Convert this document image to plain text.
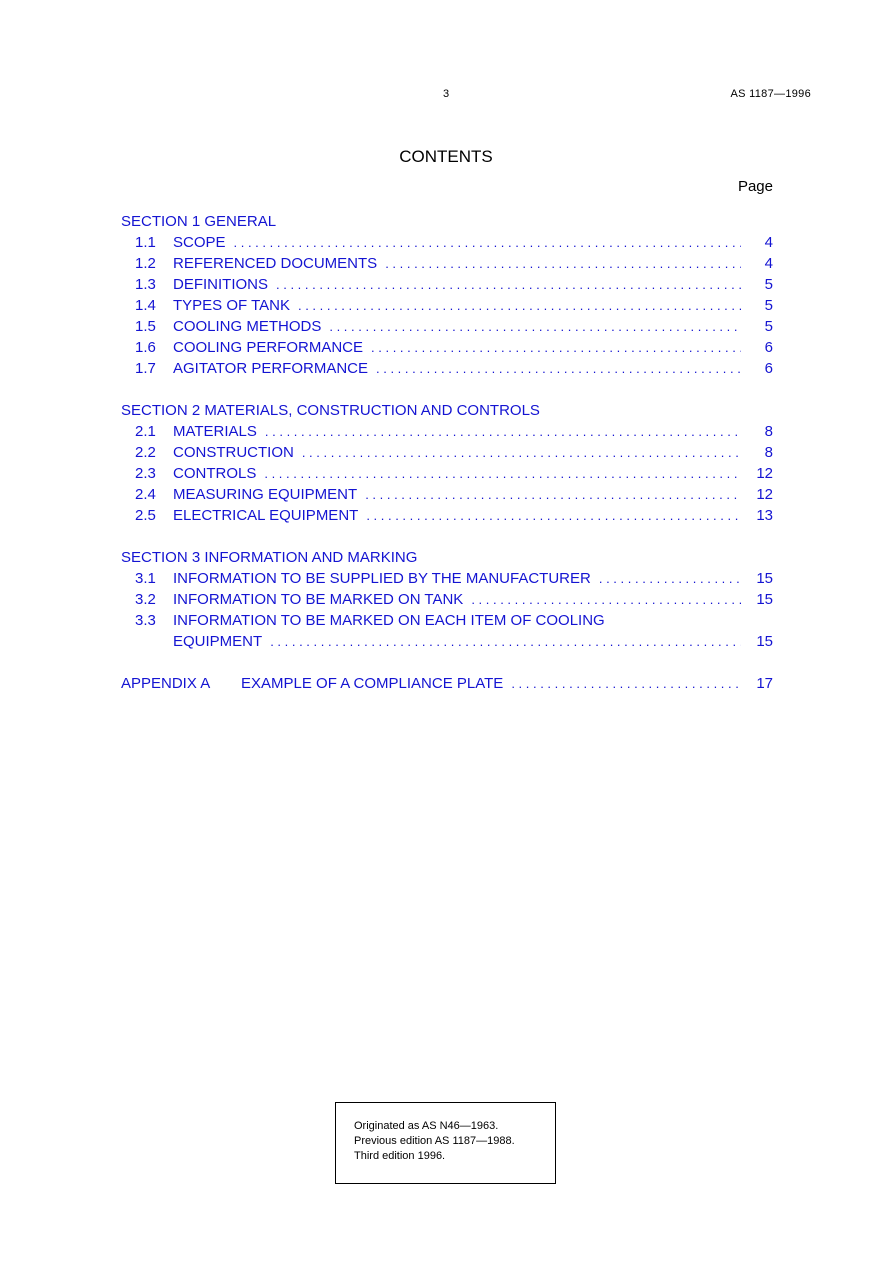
3	AS 1187—1996
CONTENTS
Page
SECTION 1 GENERAL
1.1	SCOPE . . .	4
1.2	REFERENCED DOCUMENTS . . .	4
1.3	DEFINITIONS . . .	5
1.4	TYPES OF TANK . . .	5
1.5	COOLING METHODS . . .	5
1.6	COOLING PERFORMANCE . . .	6
1.7	AGITATOR PERFORMANCE . . .	6
SECTION 2 MATERIALS, CONSTRUCTION AND CONTROLS
2.1	MATERIALS . . .	8
2.2	CONSTRUCTION . . .	8
2.3	CONTROLS . . .	12
2.4	MEASURING EQUIPMENT . . .	12
2.5	ELECTRICAL EQUIPMENT . . .	13
SECTION 3 INFORMATION AND MARKING
3.1	INFORMATION TO BE SUPPLIED BY THE MANUFACTURER . . .	15
3.2	INFORMATION TO BE MARKED ON TANK . . .	15
3.3	INFORMATION TO BE MARKED ON EACH ITEM OF COOLING
EQUIPMENT . . .	15
APPENDIX A	EXAMPLE OF A COMPLIANCE PLATE . . .	17
Originated as AS N46—1963.
Previous edition AS 1187—1988.
Third edition 1996.
